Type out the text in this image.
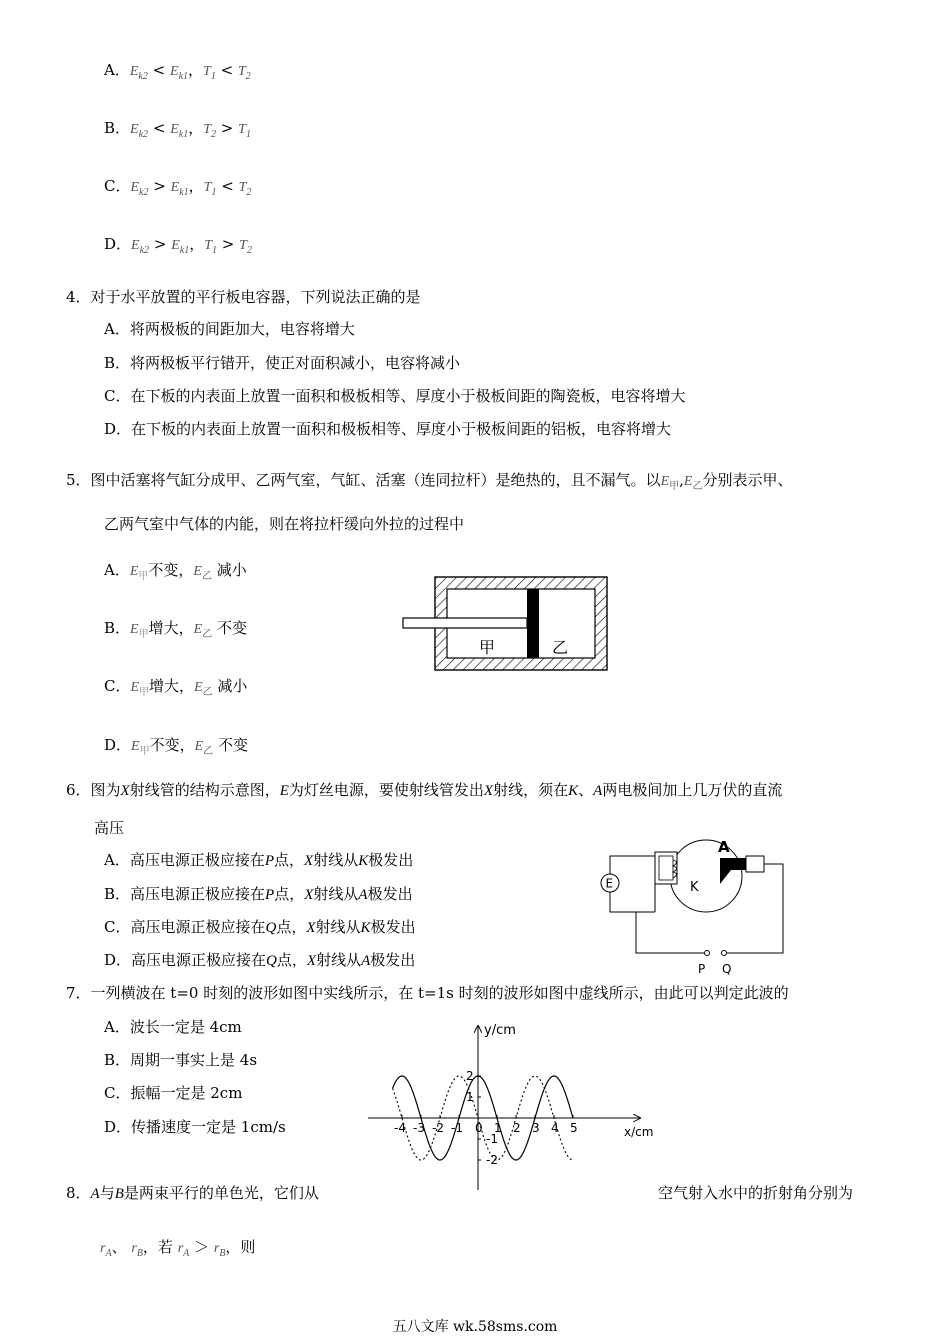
A．$E_{k2} < E_{k1}$，$T_1 < T_2$
B．$E_{k2} < E_{k1}$，$T_2 > T_1$
C．$E_{k2} > E_{k1}$，$T_1 < T_2$
D．$E_{k2} > E_{k1}$，$T_1 > T_2$
4．对于水平放置的平行板电容器，下列说法正确的是
A．将两极板的间距加大，电容将增大
B．将两极板平行错开，使正对面积减小，电容将减小
C．在下板的内表面上放置一面积和极板相等、厚度小于极板间距的陶瓷板，电容将增大
D．在下板的内表面上放置一面积和极板相等、厚度小于极板间距的铝板，电容将增大
5．图中活塞将气缸分成甲、乙两气室，气缸、活塞（连同拉杆）是绝热的，且不漏气。以$E_甲,E_乙$分别表示甲、
乙两气室中气体的内能，则在将拉杆缓向外拉的过程中
A．$E_甲$不变，$E_乙$ 减小
B．$E_甲$增大，$E_乙$ 不变
C．$E_甲$增大，$E_乙$ 减小
D．$E_甲$不变，$E_乙$ 不变
甲	乙
6．图为X射线管的结构示意图，E为灯丝电源，要使射线管发出X射线，须在K、A两电极间加上几万伏的直流
高压
A．高压电源正极应接在P点，X射线从K极发出
B．高压电源正极应接在P点，X射线从A极发出
C．高压电源正极应接在Q点，X射线从K极发出
D．高压电源正极应接在Q点，X射线从A极发出
E
A
K
P Q
7．一列横波在 t=0 时刻的波形如图中实线所示，在 t=1s 时刻的波形如图中虚线所示，由此可以判定此波的
A．波长一定是 4cm
B．周期一事实上是 4s
C．振幅一定是 2cm
D．传播速度一定是 1cm/s
y/cm
x/cm
-4 -3 -2 -1 0 1 2 3 4 5
2
1
-1
-2
8．A与B是两束平行的单色光，它们从	空气射入水中的折射角分别为
$r_A$、 $r_B$，若 $r_A > r_B$，则
五八文库 wk.58sms.com
